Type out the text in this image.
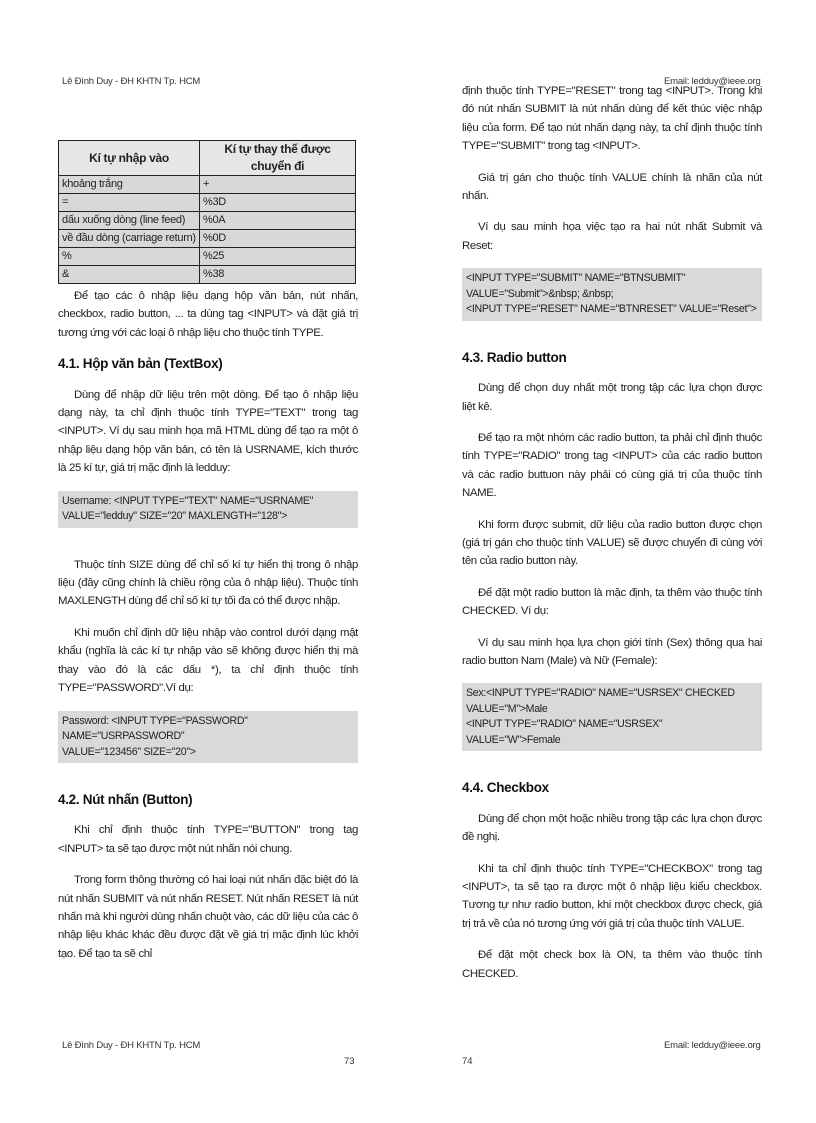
Lê Đình Duy - ĐH KHTN Tp. HCM	Email: ledduy@ieee.org
Kí tự nhập vào	Kí tự thay thế được chuyển đi
khoảng trắng	+
=	%3D
dấu xuống dòng (line feed)	%0A
về đầu dòng (carriage return)	%0D
%	%25
&	%38

Để tạo các ô nhập liệu dạng hộp văn bản, nút nhấn, checkbox, radio button, ... ta dùng tag <INPUT> và đặt giá trị tương ứng với các loại ô nhập liệu cho thuộc tính TYPE.

4.1. Hộp văn bản (TextBox)

Dùng để nhập dữ liệu trên một dòng. Để tạo ô nhập liệu dạng này, ta chỉ định thuộc tính TYPE="TEXT" trong tag <INPUT>. Ví dụ sau minh họa mã HTML dùng để tạo ra một ô nhập liệu dạng hộp văn bản, có tên là USRNAME, kích thước là 25 kí tự, giá trị mặc định là ledduy:

Username: <INPUT TYPE="TEXT" NAME="USRNAME"
VALUE="ledduy" SIZE="20" MAXLENGTH="128">

Thuộc tính SIZE dùng để chỉ số kí tự hiển thị trong ô nhập liệu (đây cũng chính là chiều rộng của ô nhập liệu). Thuộc tính MAXLENGTH dùng để chỉ số kí tự tối đa có thể được nhập.

Khi muốn chỉ định dữ liệu nhập vào control dưới dạng mật khẩu (nghĩa là các kí tự nhập vào sẽ không được hiển thị mà thay vào đó là các dấu *), ta chỉ định thuộc tính TYPE="PASSWORD".Ví dụ:

Password: <INPUT TYPE="PASSWORD" NAME="USRPASSWORD"
VALUE="123456" SIZE="20">
4.2. Nút nhấn (Button)

Khi chỉ định thuộc tính TYPE="BUTTON" trong tag <INPUT> ta sẽ tạo được một nút nhấn nói chung.

Trong form thông thường có hai loại nút nhấn đặc biệt đó là nút nhấn SUBMIT và nút nhấn RESET. Nút nhấn RESET là nút nhấn mà khi người dùng nhấn chuột vào, các dữ liệu của các ô nhập liệu khác khác đều được đặt về giá trị mặc định lúc khởi tạo. Để tạo ta sẽ chỉ

định thuộc tính TYPE="RESET" trong tag <INPUT>. Trong khi đó nút nhấn SUBMIT là nút nhấn dùng để kết thúc việc nhập liệu của form. Để tạo nút nhấn dạng này, ta chỉ định thuộc tính TYPE="SUBMIT" trong tag <INPUT>.

Giá trị gán cho thuộc tính VALUE chính là nhãn của nút nhấn.

Ví dụ sau minh họa việc tạo ra hai nút nhất Submit và Reset:

<INPUT TYPE="SUBMIT" NAME="BTNSUBMIT"
VALUE="Submit">&nbsp; &nbsp;
<INPUT TYPE="RESET" NAME="BTNRESET" VALUE="Reset">
4.3. Radio button

Dùng để chọn duy nhất một trong tập các lựa chọn được liệt kê.

Để tạo ra một nhóm các radio button, ta phải chỉ định thuộc tính TYPE="RADIO" trong tag <INPUT> của các radio button và các radio buttuon này phải có cùng giá trị của thuộc tính NAME.

Khi form được submit, dữ liệu của radio button được chọn (giá trị gán cho thuộc tính VALUE) sẽ được chuyển đi cùng với tên của radio button này.

Để đặt một radio button là mặc định, ta thêm vào thuộc tính CHECKED. Ví dụ:

Ví dụ sau minh họa lựa chọn giới tính (Sex) thông qua hai radio button Nam (Male) và Nữ (Female):

Sex:<INPUT TYPE="RADIO" NAME="USRSEX" CHECKED
VALUE="M">Male
<INPUT TYPE="RADIO" NAME="USRSEX" VALUE="W">Female
4.4. Checkbox

Dùng để chọn một hoặc nhiều trong tập các lựa chọn được đề nghị.

Khi ta chỉ định thuộc tính TYPE="CHECKBOX" trong tag <INPUT>, ta sẽ tạo ra được một ô nhập liệu kiểu checkbox. Tương tự như radio button, khi một checkbox được check, giá trị trả về của nó tương ứng với giá trị của thuộc tính VALUE.

Để đặt một check box là ON, ta thêm vào thuộc tính CHECKED.

Lê Đình Duy - ĐH KHTN Tp. HCM
73
Email: ledduy@ieee.org
74
